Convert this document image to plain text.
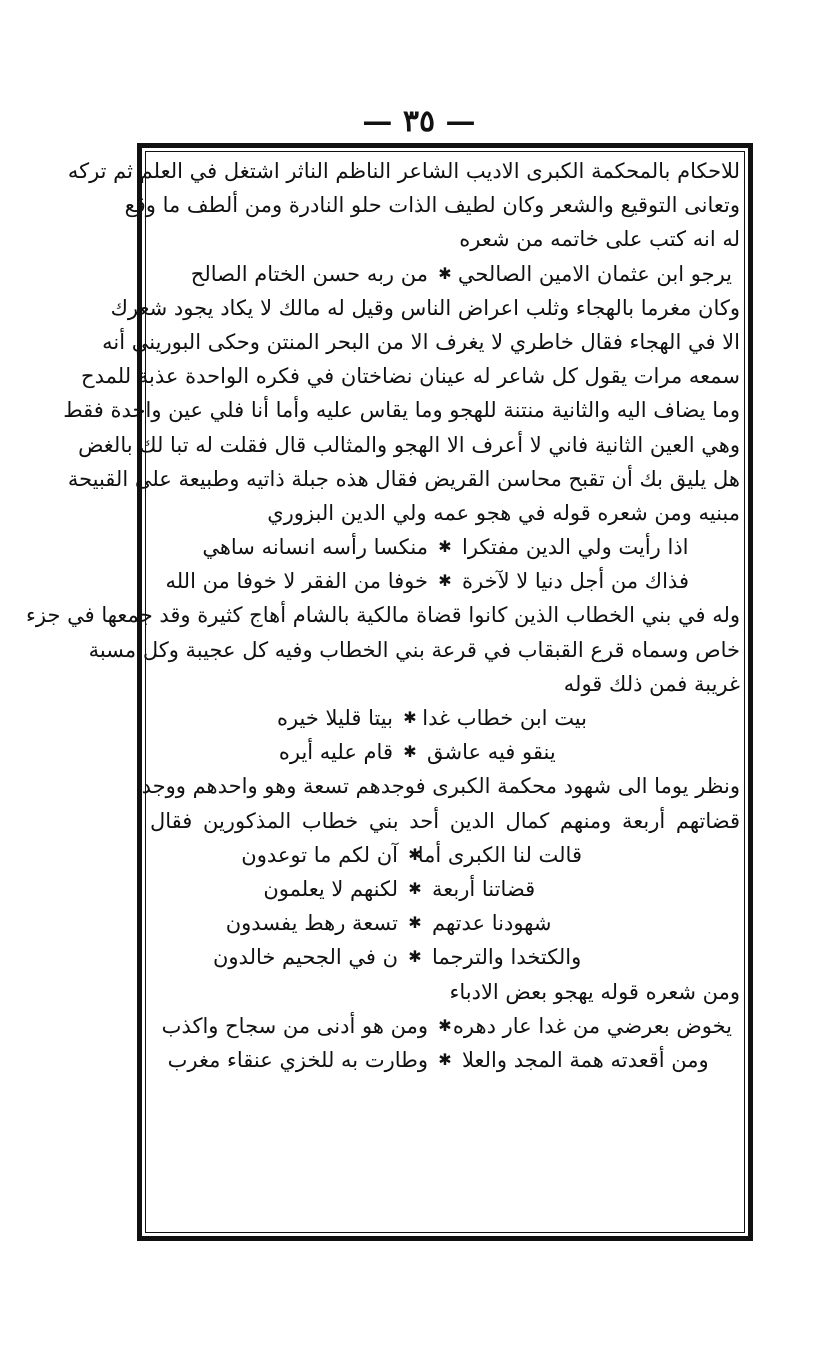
— ٣٥ —
للاحكام بالمحكمة الكبرى الاديب الشاعر الناظم الناثر اشتغل في العلم ثم تركه
وتعانى التوقيع والشعر وكان لطيف الذات حلو النادرة ومن ألطف ما وقع
له انه كتب على خاتمه من شعره
يرجو ابن عثمان الامين الصالحي
✱
من ربه حسن الختام الصالح
وكان مغرما بالهجاء وثلب اعراض الناس وقيل له مالك لا يكاد يجود شعرك
الا في الهجاء فقال خاطري لا يغرف الا من البحر المنتن وحكى البوريني أنه
سمعه مرات يقول كل شاعر له عينان نضاختان في فكره الواحدة عذبة للمدح
وما يضاف اليه والثانية منتنة للهجو وما يقاس عليه وأما أنا فلي عين واحدة فقط
وهي العين الثانية فاني لا أعرف الا الهجو والمثالب قال فقلت له تبا لك بالغض
هل يليق بك أن تقبح محاسن القريض فقال هذه جبلة ذاتيه وطبيعة على القبيحة
مبنيه ومن شعره قوله في هجو عمه ولي الدين البزوري
اذا رأيت ولي الدين مفتكرا
✱
منكسا رأسه انسانه ساهي
فذاك من أجل دنيا لا لآخرة
✱
خوفا من الفقر لا خوفا من الله
وله في بني الخطاب الذين كانوا قضاة مالكية بالشام أهاج كثيرة وقد جمعها في جزء
خاص وسماه قرع القبقاب في قرعة بني الخطاب وفيه كل عجيبة وكل مسبة
غريبة فمن ذلك قوله
بيت ابن خطاب غدا
✱
بيتا قليلا خيره
ينقو فيه عاشق
✱
قام عليه أيره
ونظر يوما الى شهود محكمة الكبرى فوجدهم تسعة وهو واحدهم ووجد
قضاتهم أربعة ومنهم كمال الدين أحد بني خطاب المذكورين فقال
قالت لنا الكبرى أما
✱
آن لكم ما توعدون
قضاتنا أربعة
✱
لكنهم لا يعلمون
شهودنا عدتهم
✱
تسعة رهط يفسدون
والكتخدا والترجما
✱
ن في الجحيم خالدون
ومن شعره قوله يهجو بعض الادباء
يخوض بعرضي من غدا عار دهره
✱
ومن هو أدنى من سجاح واكذب
ومن أقعدته همة المجد والعلا
✱
وطارت به للخزي عنقاء مغرب
